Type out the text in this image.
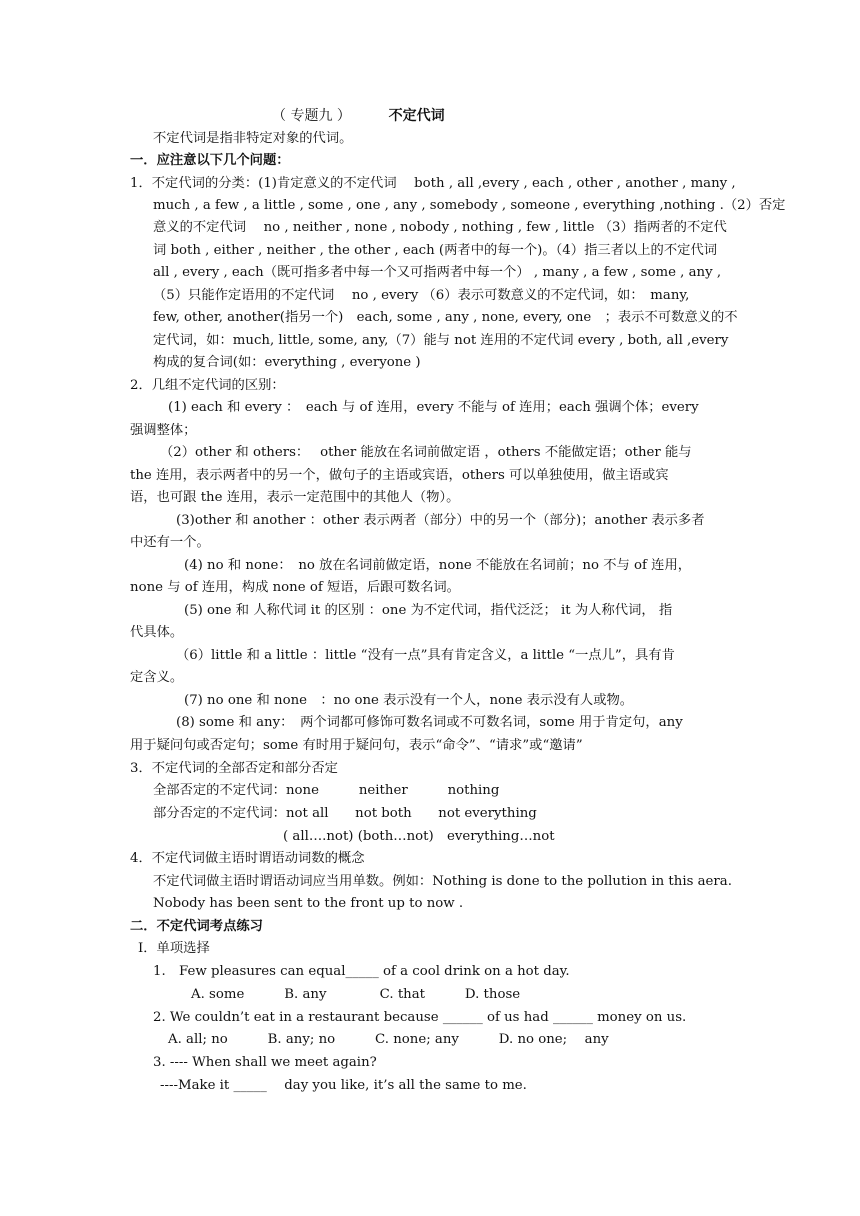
（ 专题九 ）	不定代词
不定代词是指非特定对象的代词。
一．应注意以下几个问题：
1．不定代词的分类：(1)肯定意义的不定代词　 both , all ,every , each , other , another , many ,
much , a few , a little , some , one , any , somebody , someone , everything ,nothing .（2）否定
意义的不定代词　 no , neither , none , nobody , nothing , few , little （3）指两者的不定代
词 both , either , neither , the other , each (两者中的每一个)。（4）指三者以上的不定代词
all , every , each（既可指多者中每一个又可指两者中每一个） , many , a few , some , any ,
（5）只能作定语用的不定代词　 no , every （6）表示可数意义的不定代词，如：　many,
few, other, another(指另一个)　each, some , any , none, every, one　；表示不可数意义的不
定代词，如：much, little, some, any,（7）能与 not 连用的不定代词 every , both, all ,every
构成的复合词(如：everything , everyone )
2．几组不定代词的区别：
(1) each 和 every ：　each 与 of 连用，every 不能与 of 连用；each 强调个体；every
强调整体；
（2）other 和 others：　 other 能放在名词前做定语 ，others 不能做定语；other 能与
the 连用，表示两者中的另一个，做句子的主语或宾语，others 可以单独使用，做主语或宾
语，也可跟 the 连用，表示一定范围中的其他人（物）。
(3)other 和 another ：other 表示两者（部分）中的另一个（部分)；another 表示多者
中还有一个。
(4) no 和 none：　no 放在名词前做定语，none 不能放在名词前；no 不与 of 连用，
none 与 of 连用，构成 none of 短语，后跟可数名词。
(5) one 和 人称代词 it 的区别 ：one 为不定代词，指代泛泛； it 为人称代词， 指
代具体。
（6）little 和 a little ：little “没有一点”具有肯定含义，a little “一点儿”，具有肯
定含义。
(7) no one 和 none　：no one 表示没有一个人，none 表示没有人或物。
(8) some 和 any：　两个词都可修饰可数名词或不可数名词，some 用于肯定句，any
用于疑问句或否定句；some 有时用于疑问句，表示“命令”、“请求”或“邀请”
3．不定代词的全部否定和部分否定
全部否定的不定代词：none　　　neither　　　nothing
部分否定的不定代词：not all　　not both　　not everything
( all….not) (both…not)　everything…not
4．不定代词做主语时谓语动词数的概念
不定代词做主语时谓语动词应当用单数。例如：Nothing is done to the pollution in this aera.
Nobody has been sent to the front up to now .
二．不定代词考点练习
I．单项选择
1.　Few pleasures can equal_____ of a cool drink on a hot day.
A. some　　　B. any　　　　C. that　　　D. those
2. We couldn’t eat in a restaurant because ______ of us had ______ money on us.
A. all; no　　　B. any; no　　　C. none; any　　　D. no one;　 any
3. ---- When shall we meet again?
----Make it _____　 day you like, it’s all the same to me.
